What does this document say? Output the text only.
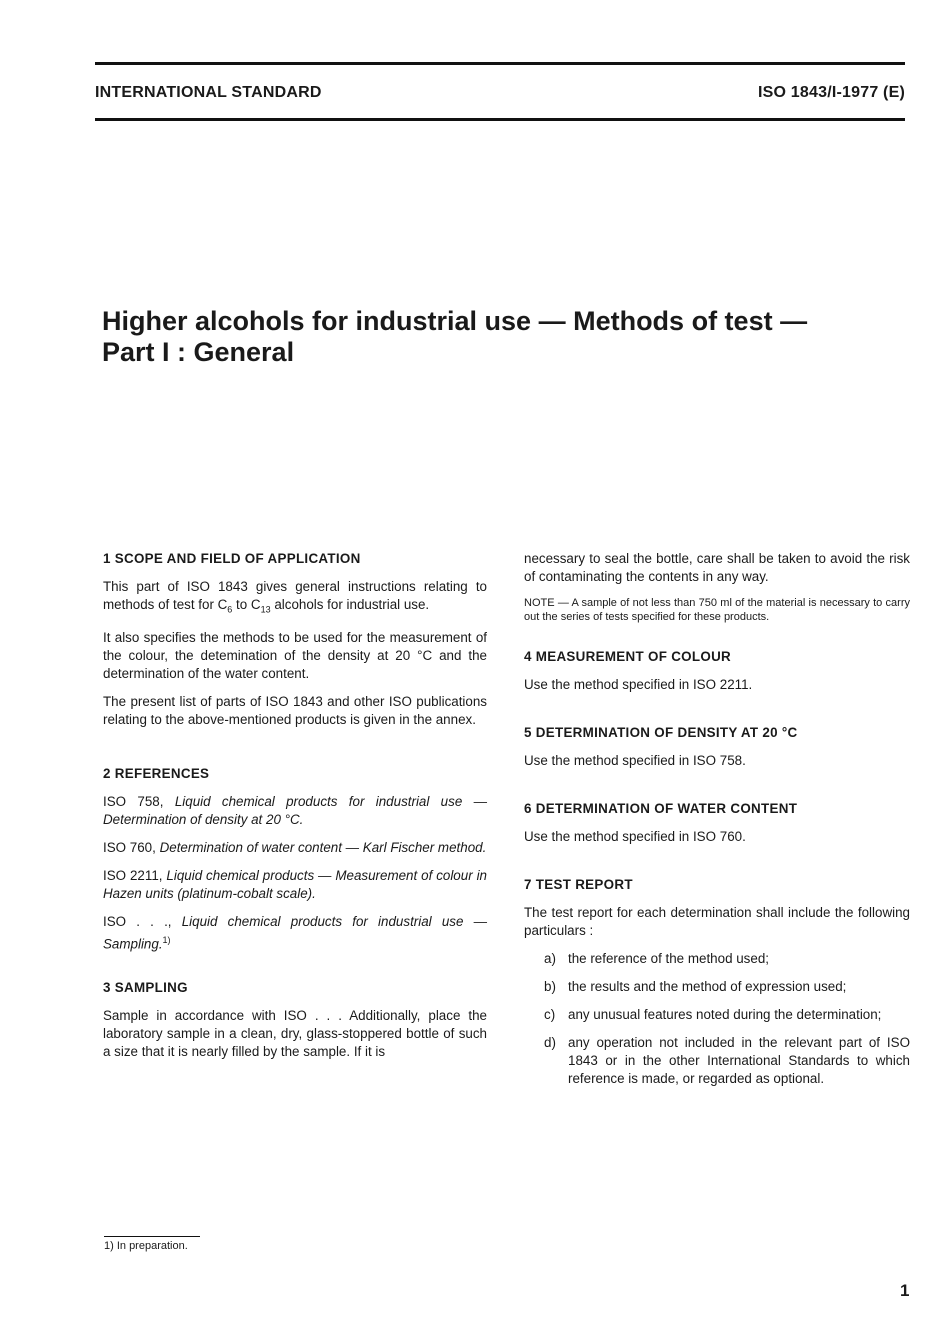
INTERNATIONAL STANDARD	ISO 1843/I-1977 (E)
Higher alcohols for industrial use — Methods of test —
Part I : General
1 SCOPE AND FIELD OF APPLICATION

This part of ISO 1843 gives general instructions relating to methods of test for $C_6$ to $C_{13}$ alcohols for industrial use.

It also specifies the methods to be used for the measurement of the colour, the detemination of the density at 20 °C and the determination of the water content.

The present list of parts of ISO 1843 and other ISO publications relating to the above-mentioned products is given in the annex.

2 REFERENCES

ISO 758, Liquid chemical products for industrial use — Determination of density at 20 °C.

ISO 760, Determination of water content — Karl Fischer method.

ISO 2211, Liquid chemical products — Measurement of colour in Hazen units (platinum-cobalt scale).

ISO . . ., Liquid chemical products for industrial use — Sampling.$^{1)}$

3 SAMPLING

Sample in accordance with ISO . . . Additionally, place the laboratory sample in a clean, dry, glass-stoppered bottle of such a size that it is nearly filled by the sample. If it is

necessary to seal the bottle, care shall be taken to avoid the risk of contaminating the contents in any way.

NOTE — A sample of not less than 750 ml of the material is necessary to carry out the series of tests specified for these products.

4 MEASUREMENT OF COLOUR

Use the method specified in ISO 2211.

5 DETERMINATION OF DENSITY AT 20 °C

Use the method specified in ISO 758.

6 DETERMINATION OF WATER CONTENT

Use the method specified in ISO 760.

7 TEST REPORT

The test report for each determination shall include the following particulars :

a) the reference of the method used;
b) the results and the method of expression used;
c) any unusual features noted during the determination;
d) any operation not included in the relevant part of ISO 1843 or in the other International Standards to which reference is made, or regarded as optional.
1) In preparation.
1
